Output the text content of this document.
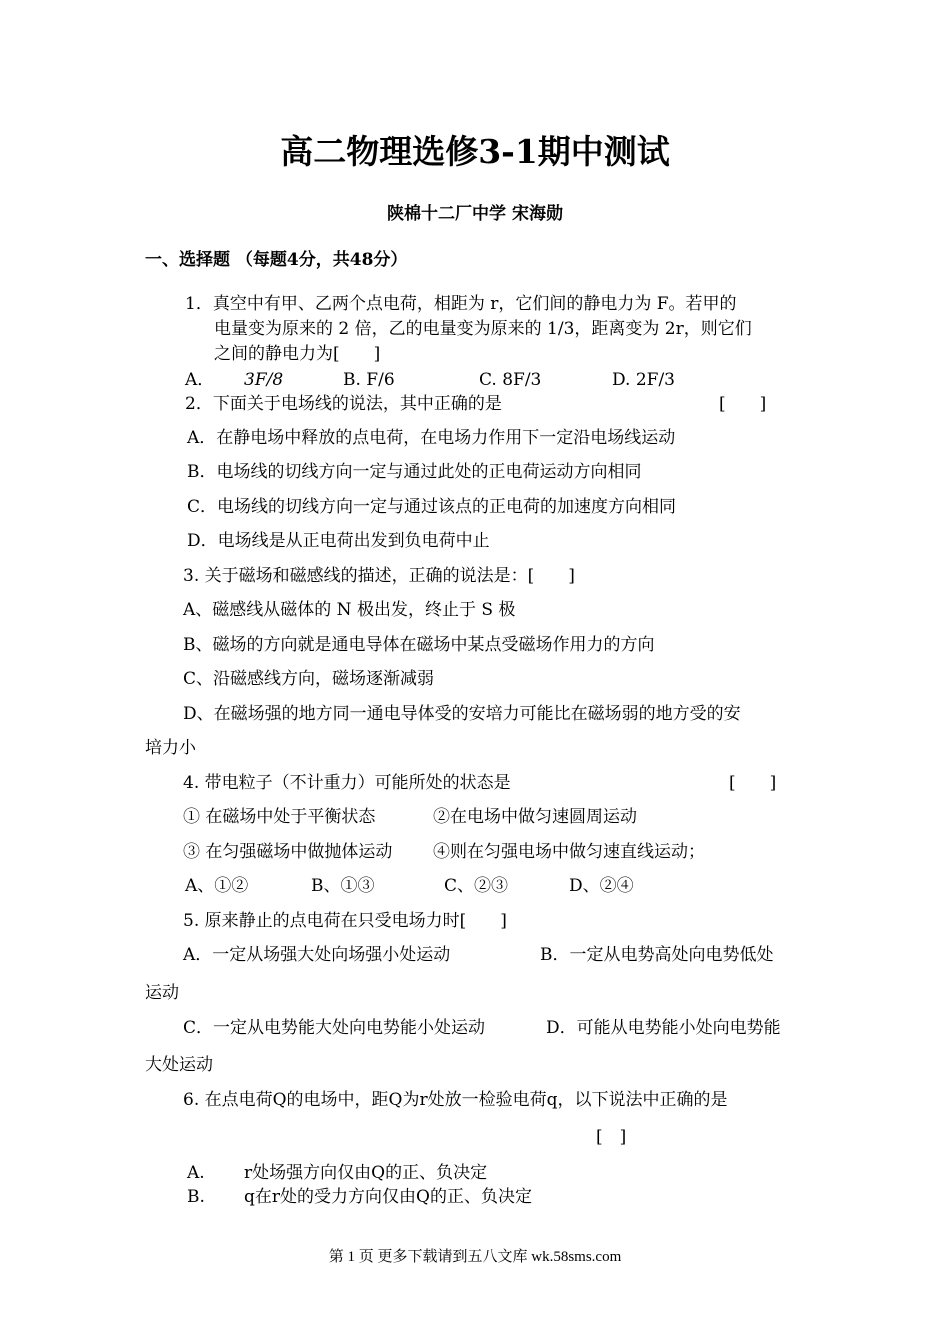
高二物理选修3-1期中测试
陕棉十二厂中学 宋海勋
一、选择题 （每题4分，共48分）
1．真空中有甲、乙两个点电荷，相距为 r，它们间的静电力为 F。若甲的
电量变为原来的 2 倍，乙的电量变为原来的 1/3，距离变为 2r，则它们
之间的静电力为[　　]
A． 3F/8	B. F/6	C. 8F/3	D. 2F/3
2．下面关于电场线的说法，其中正确的是	[　　]
A．在静电场中释放的点电荷，在电场力作用下一定沿电场线运动
B．电场线的切线方向一定与通过此处的正电荷运动方向相同
C．电场线的切线方向一定与通过该点的正电荷的加速度方向相同
D．电场线是从正电荷出发到负电荷中止
3. 关于磁场和磁感线的描述，正确的说法是：[　　]
A、磁感线从磁体的 N 极出发，终止于 S 极
B、磁场的方向就是通电导体在磁场中某点受磁场作用力的方向
C、沿磁感线方向，磁场逐渐减弱
D、在磁场强的地方同一通电导体受的安培力可能比在磁场弱的地方受的安
培力小
4. 带电粒子（不计重力）可能所处的状态是	[　　]
① 在磁场中处于平衡状态	②在电场中做匀速圆周运动
③ 在匀强磁场中做抛体运动 ④则在匀强电场中做匀速直线运动；
A、①②	B、①③	C、②③	D、②④
5. 原来静止的点电荷在只受电场力时[　　]
A．一定从场强大处向场强小处运动	B．一定从电势高处向电势低处
运动
C．一定从电势能大处向电势能小处运动	D．可能从电势能小处向电势能
大处运动
6. 在点电荷Q的电场中，距Q为r处放一检验电荷q，以下说法中正确的是
[　]
A. r处场强方向仅由Q的正、负决定
B. q在r处的受力方向仅由Q的正、负决定
第 1 页 更多下载请到五八文库 wk.58sms.com
